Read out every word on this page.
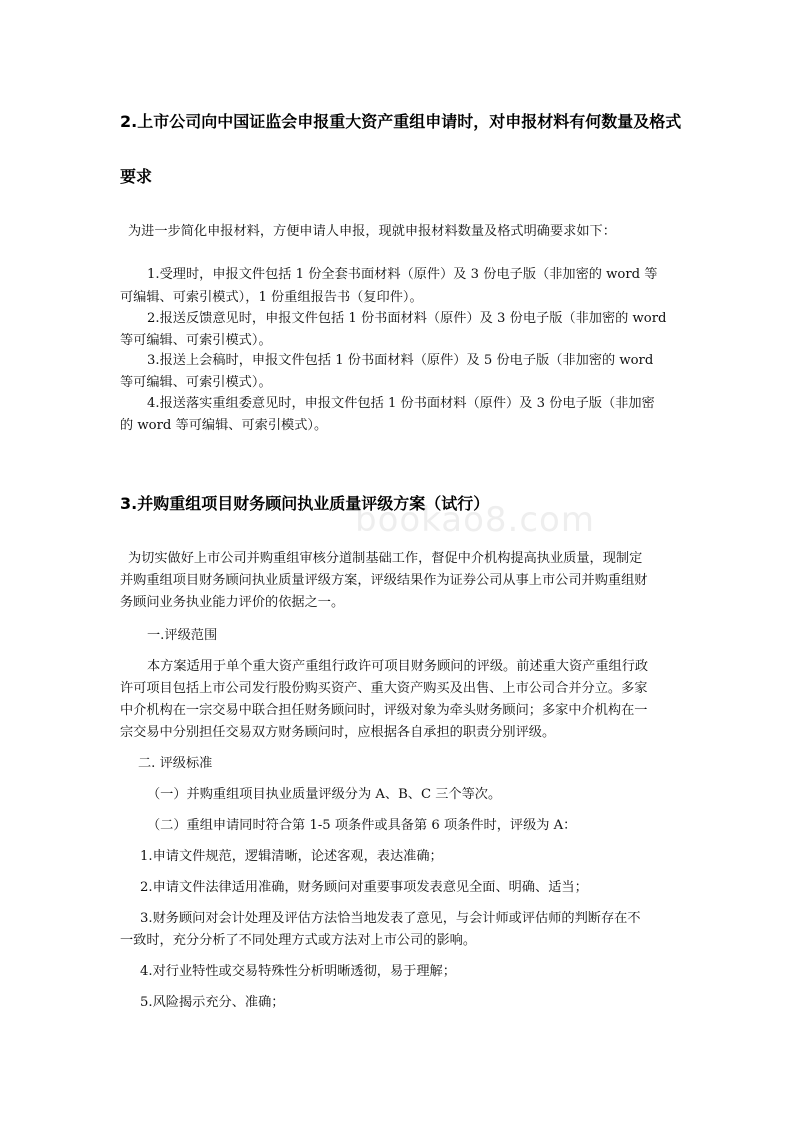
bookao8.com
2.上市公司向中国证监会申报重大资产重组申请时，对申报材料有何数量及格式
要求
为进一步简化申报材料，方便申请人申报，现就申报材料数量及格式明确要求如下：
1.受理时，申报文件包括 1 份全套书面材料（原件）及 3 份电子版（非加密的 word 等
可编辑、可索引模式），1 份重组报告书（复印件）。
2.报送反馈意见时，申报文件包括 1 份书面材料（原件）及 3 份电子版（非加密的 word
等可编辑、可索引模式）。
3.报送上会稿时，申报文件包括 1 份书面材料（原件）及 5 份电子版（非加密的 word
等可编辑、可索引模式）。
4.报送落实重组委意见时，申报文件包括 1 份书面材料（原件）及 3 份电子版（非加密
的 word 等可编辑、可索引模式）。
3.并购重组项目财务顾问执业质量评级方案（试行）
为切实做好上市公司并购重组审核分道制基础工作，督促中介机构提高执业质量，现制定
并购重组项目财务顾问执业质量评级方案，评级结果作为证券公司从事上市公司并购重组财
务顾问业务执业能力评价的依据之一。
一.评级范围
本方案适用于单个重大资产重组行政许可项目财务顾问的评级。前述重大资产重组行政
许可项目包括上市公司发行股份购买资产、重大资产购买及出售、上市公司合并分立。多家
中介机构在一宗交易中联合担任财务顾问时，评级对象为牵头财务顾问；多家中介机构在一
宗交易中分别担任交易双方财务顾问时，应根据各自承担的职责分别评级。
二. 评级标准
（一）并购重组项目执业质量评级分为 A、B、C 三个等次。
（二）重组申请同时符合第 1-5 项条件或具备第 6 项条件时，评级为 A：
1.申请文件规范，逻辑清晰，论述客观，表达准确；
2.申请文件法律适用准确，财务顾问对重要事项发表意见全面、明确、适当；
3.财务顾问对会计处理及评估方法恰当地发表了意见，与会计师或评估师的判断存在不
一致时，充分分析了不同处理方式或方法对上市公司的影响。
4.对行业特性或交易特殊性分析明晰透彻，易于理解；
5.风险揭示充分、准确；
